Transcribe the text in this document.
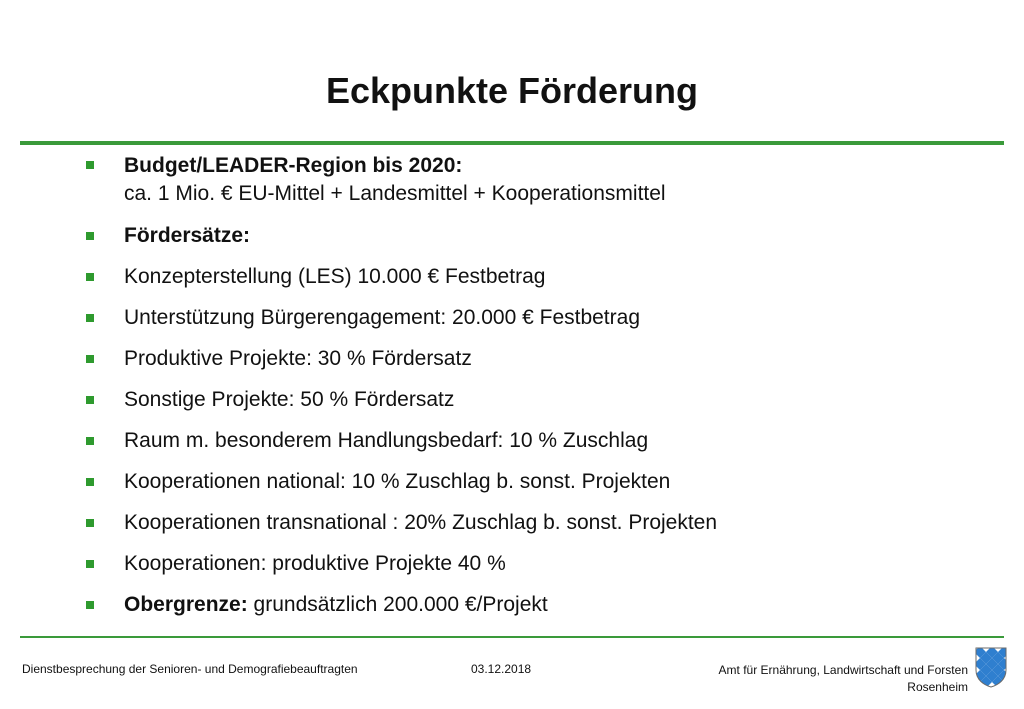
Eckpunkte Förderung
Budget/LEADER-Region bis 2020:
ca. 1 Mio. € EU-Mittel + Landesmittel + Kooperationsmittel
Fördersätze:
Konzepterstellung (LES) 10.000 € Festbetrag
Unterstützung Bürgerengagement: 20.000 € Festbetrag
Produktive Projekte: 30 % Fördersatz
Sonstige Projekte: 50 % Fördersatz
Raum m. besonderem Handlungsbedarf: 10 % Zuschlag
Kooperationen national: 10 % Zuschlag b. sonst. Projekten
Kooperationen transnational : 20% Zuschlag b. sonst. Projekten
Kooperationen: produktive Projekte 40 %
Obergrenze: grundsätzlich 200.000 €/Projekt
Dienstbesprechung der Senioren- und Demografiebeauftragten	03.12.2018	Amt für Ernährung, Landwirtschaft und Forsten
Rosenheim
